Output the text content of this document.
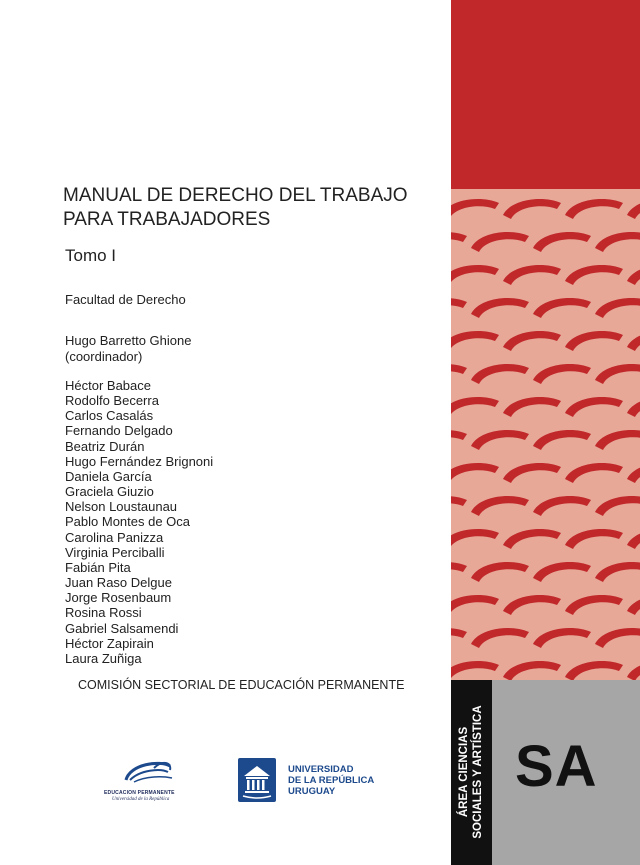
MANUAL DE DERECHO DEL TRABAJO
PARA TRABAJADORES
Tomo I
Facultad de Derecho
Hugo Barretto Ghione
(coordinador)
Héctor Babace
Rodolfo Becerra
Carlos Casalás
Fernando Delgado
Beatriz Durán
Hugo Fernández Brignoni
Daniela García
Graciela Giuzio
Nelson Loustaunau
Pablo Montes de Oca
Carolina Panizza
Virginia Perciballi
Fabián Pita
Juan Raso Delgue
Jorge Rosenbaum
Rosina Rossi
Gabriel Salsamendi
Héctor Zapirain
Laura Zuñiga
COMISIÓN SECTORIAL DE EDUCACIÓN PERMANENTE
EDUCACION PERMANENTE
Universidad de la República
UNIVERSIDAD
DE LA REPÚBLICA
URUGUAY	ÁREA CIENCIAS SOCIALES Y ARTÍSTICA SA
